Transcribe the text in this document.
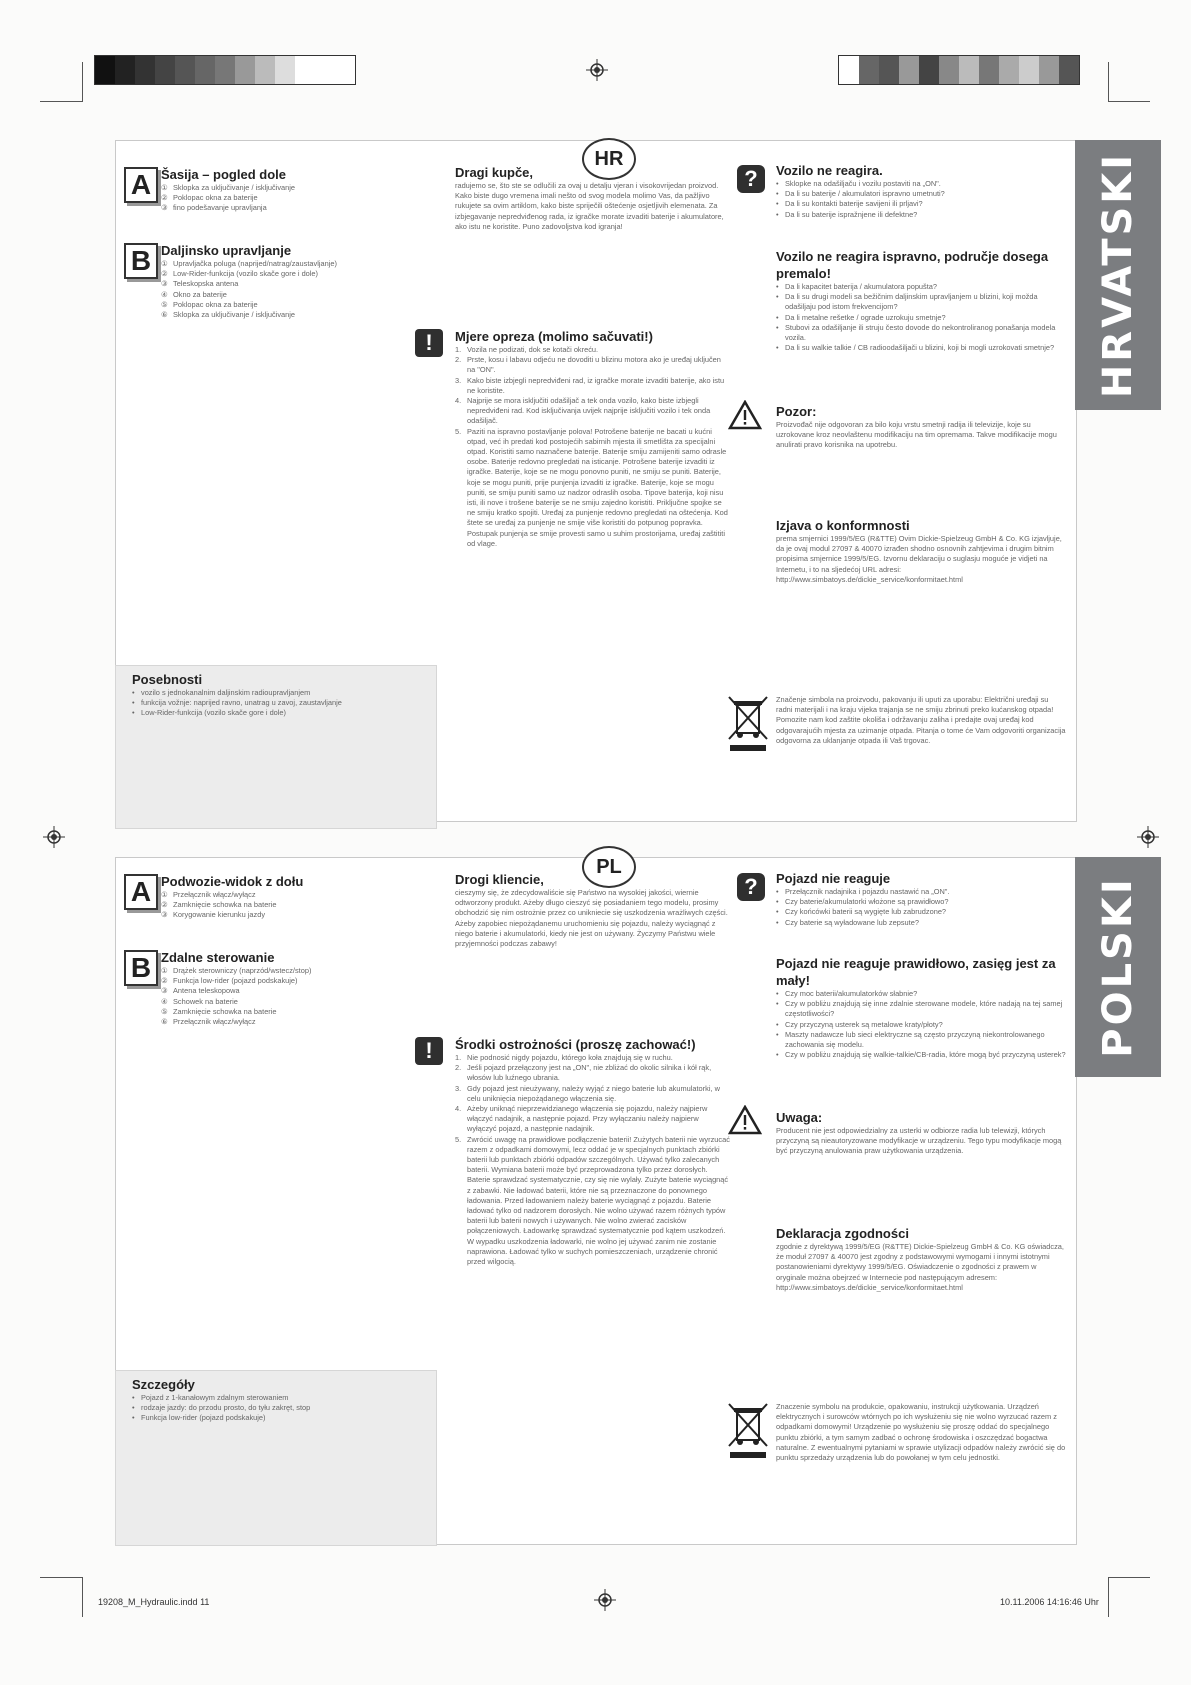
HRVATSKI
HR
A Šasija – pogled dole
① Sklopka za uključivanje / isključivanje
② Poklopac okna za baterije
③ fino podešavanje upravljanja
B Daljinsko upravljanje
① Upravljačka poluga (naprijed/natrag/zaustavljanje)
② Low-Rider-funkcija (vozilo skače gore i dole)
③ Teleskopska antena
④ Okno za baterije
⑤ Poklopac okna za baterije
⑥ Sklopka za uključivanje / isključivanje
Dragi kupče,
radujemo se, što ste se odlučili za ovaj u detalju vjeran i visokovrijedan proizvod. Kako biste dugo vremena imali nešto od svog modela molimo Vas, da pažljivo rukujete sa ovim artiklom, kako biste spriječili oštećenje osjetljivih elemenata. Za izbjegavanje nepredviđenog rada, iz igračke morate izvaditi baterije i akumulatore, ako istu ne koristite. Puno zadovoljstva kod igranja!
!	Mjere opreza (molimo sačuvati!)
1. Vozila ne podizati, dok se kotači okreću.
2. Prste, kosu i labavu odjeću ne dovoditi u blizinu motora ako je uređaj uključen na "ON".
3. Kako biste izbjegli nepredviđeni rad, iz igračke morate izvaditi baterije, ako istu ne koristite.
4. Najprije se mora isključiti odašiljač a tek onda vozilo, kako biste izbjegli nepredviđeni rad. Kod isključivanja uvijek najprije isključiti vozilo i tek onda odašiljač.
5. Paziti na ispravno postavljanje polova! Potrošene baterije ne bacati u kućni otpad, već ih predati kod postojećih sabirnih mjesta ili smetlišta za specijalni otpad. Koristiti samo naznačene baterije. Baterije smiju zamijeniti samo odrasle osobe. Baterije redovno pregledati na isticanje. Potrošene baterije izvaditi iz igračke. Baterije, koje se ne mogu ponovno puniti, ne smiju se puniti. Baterije, koje se mogu puniti, prije punjenja izvaditi iz igračke. Baterije, koje se mogu puniti, se smiju puniti samo uz nadzor odraslih osoba. Tipove baterija, koji nisu isti, ili nove i trošene baterije se ne smiju zajedno koristiti. Priključne spojke se ne smiju kratko spojiti. Uređaj za punjenje redovno pregledati na oštećenja. Kod štete se uređaj za punjenje ne smije više koristiti do potpunog popravka. Postupak punjenja se smije provesti samo u suhim prostorijama, uređaj zaštititi od vlage.
?	Vozilo ne reagira.
• Sklopke na odašiljaču i vozilu postaviti na „ON".
• Da li su baterije / akumulatori ispravno umetnuti?
• Da li su kontakti baterije savijeni ili prljavi?
• Da li su baterije ispražnjene ili defektne?
Vozilo ne reagira ispravno, područje dosega premalo!
• Da li kapacitet baterija / akumulatora popušta?
• Da li su drugi modeli sa bežičnim daljinskim upravljanjem u blizini, koji možda odašiljaju pod istom frekvencijom?
• Da li metalne rešetke / ograde uzrokuju smetnje?
• Stubovi za odašiljanje ili struju često dovode do nekontroliranog ponašanja modela vozila.
• Da li su walkie talkie / CB radioodašiljači u blizini, koji bi mogli uzrokovati smetnje?
Pozor:
Proizvođač nije odgovoran za bilo koju vrstu smetnji radija ili televizije, koje su uzrokovane kroz neovlaštenu modifikaciju na tim opremama. Takve modifikacije mogu anulirati pravo korisnika na upotrebu.
Izjava o konformnosti
prema smjernici 1999/5/EG (R&TTE) Ovim Dickie-Spielzeug GmbH & Co. KG izjavljuje, da je ovaj modul 27097 & 40070 izrađen shodno osnovnih zahtjevima i drugim bitnim propisima smjernice 1999/5/EG. Izvornu deklaraciju o suglasju moguće je vidjeti na Internetu, i to na sljedećoj URL adresi: http://www.simbatoys.de/dickie_service/konformitaet.html
Posebnosti
• vozilo s jednokanalnim daljinskim radioupravljanjem
• funkcija vožnje: naprijed ravno, unatrag u zavoj, zaustavljanje
• Low-Rider-funkcija (vozilo skače gore i dole)
Značenje simbola na proizvodu, pakovanju ili uputi za uporabu: Električni uređaji su radni materijali i na kraju vijeka trajanja se ne smiju zbrinuti preko kućanskog otpada! Pomozite nam kod zaštite okoliša i održavanju zaliha i predajte ovaj uređaj kod odgovarajućih mjesta za uzimanje otpada. Pitanja o tome će Vam odgovoriti organizacija odgovorna za uklanjanje otpada ili Vaš trgovac.
POLSKI
PL
A Podwozie-widok z dołu
① Przełącznik włącz/wyłącz
② Zamknięcie schowka na baterie
③ Korygowanie kierunku jazdy
B Zdalne sterowanie
① Drążek sterowniczy (naprzód/wstecz/stop)
② Funkcja low-rider (pojazd podskakuje)
③ Antena teleskopowa
④ Schowek na baterie
⑤ Zamknięcie schowka na baterie
⑥ Przełącznik włącz/wyłącz
Drogi kliencie,
cieszymy się, że zdecydowaliście się Państwo na wysokiej jakości, wiernie odtworzony produkt. Ażeby długo cieszyć się posiadaniem tego modelu, prosimy obchodzić się nim ostrożnie przez co unikniecie się uszkodzenia wrażliwych części. Ażeby zapobiec niepożądanemu uruchomieniu się pojazdu, należy wyciągnąć z niego baterie i akumulatorki, kiedy nie jest on używany. Życzymy Państwu wiele przyjemności podczas zabawy!
!	Środki ostrożności (proszę zachować!)
1. Nie podnosić nigdy pojazdu, którego koła znajdują się w ruchu.
2. Jeśli pojazd przełączony jest na „ON", nie zbliżać do okolic silnika i kół rąk, włosów lub luźnego ubrania.
3. Gdy pojazd jest nieużywany, należy wyjąć z niego baterie lub akumulatorki, w celu uniknięcia niepożądanego włączenia się.
4. Ażeby uniknąć nieprzewidzianego włączenia się pojazdu, należy najpierw włączyć nadajnik, a następnie pojazd. Przy wyłączaniu należy najpierw wyłączyć pojazd, a następnie nadajnik.
5. Zwrócić uwagę na prawidłowe podłączenie baterii! Zużytych baterii nie wyrzucać razem z odpadkami domowymi, lecz oddać je w specjalnych punktach zbiórki baterii lub punktach zbiórki odpadów szczególnych. Używać tylko zalecanych baterii. Wymiana baterii może być przeprowadzona tylko przez dorosłych. Baterie sprawdzać systematycznie, czy się nie wylały. Zużyte baterie wyciągnąć z zabawki. Nie ładować baterii, które nie są przeznaczone do ponownego ładowania. Przed ładowaniem należy baterie wyciągnąć z pojazdu. Baterie ładować tylko od nadzorem dorosłych. Nie wolno używać razem różnych typów baterii lub baterii nowych i używanych. Nie wolno zwierać zacisków połączeniowych. Ładowarkę sprawdzać systematycznie pod kątem uszkodzeń. W wypadku uszkodzenia ładowarki, nie wolno jej używać zanim nie zostanie naprawiona. Ładować tylko w suchych pomieszczeniach, urządzenie chronić przed wilgocią.
?	Pojazd nie reaguje
• Przełącznik nadajnika i pojazdu nastawić na „ON".
• Czy baterie/akumulatorki włożone są prawidłowo?
• Czy końcówki baterii są wygięte lub zabrudzone?
• Czy baterie są wyładowane lub zepsute?
Pojazd nie reaguje prawidłowo, zasięg jest za mały!
• Czy moc baterii/akumulatorków słabnie?
• Czy w pobliżu znajdują się inne zdalnie sterowane modele, które nadają na tej samej częstotliwości?
• Czy przyczyną usterek są metalowe kraty/płoty?
• Maszty nadawcze lub sieci elektryczne są często przyczyną niekontrolowanego zachowania się modelu.
• Czy w pobliżu znajdują się walkie-talkie/CB-radia, które mogą być przyczyną usterek?
Uwaga:
Producent nie jest odpowiedzialny za usterki w odbiorze radia lub telewizji, których przyczyną są nieautoryzowane modyfikacje w urządzeniu. Tego typu modyfikacje mogą być przyczyną anulowania praw użytkowania urządzenia.
Deklaracja zgodności
zgodnie z dyrektywą 1999/5/EG (R&TTE) Dickie-Spielzeug GmbH & Co. KG oświadcza, że moduł 27097 & 40070 jest zgodny z podstawowymi wymogami i innymi istotnymi postanowieniami dyrektywy 1999/5/EG. Oświadczenie o zgodności z prawem w oryginale można obejrzeć w Internecie pod następującym adresem: http://www.simbatoys.de/dickie_service/konformitaet.html
Szczegóły
• Pojazd z 1-kanałowym zdalnym sterowaniem
• rodzaje jazdy: do przodu prosto, do tyłu zakręt, stop
• Funkcja low-rider (pojazd podskakuje)
Znaczenie symbolu na produkcie, opakowaniu, instrukcji użytkowania. Urządzeń elektrycznych i surowców wtórnych po ich wysłużeniu się nie wolno wyrzucać razem z odpadkami domowymi! Urządzenie po wysłużeniu się proszę oddać do specjalnego punktu zbiórki, a tym samym zadbać o ochronę środowiska i oszczędzać bogactwa naturalne. Z ewentualnymi pytaniami w sprawie utylizacji odpadów należy zwrócić się do punktu sprzedaży urządzenia lub do powołanej w tym celu jednostki.
19208_M_Hydraulic.indd 11	10.11.2006 14:16:46 Uhr
